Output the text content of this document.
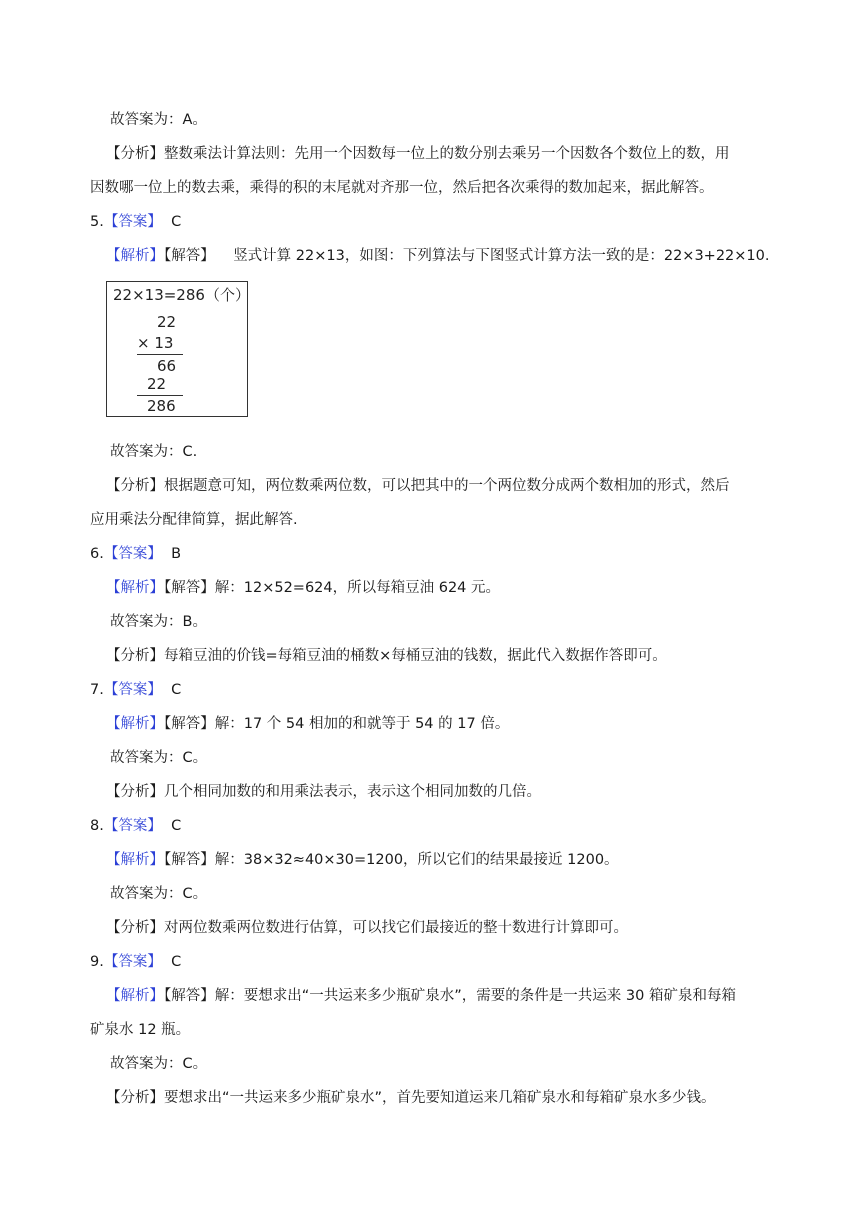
故答案为：A。
【分析】整数乘法计算法则：先用一个因数每一位上的数分别去乘另一个因数各个数位上的数，用
因数哪一位上的数去乘，乘得的积的末尾就对齐那一位，然后把各次乘得的数加起来，据此解答。
5.【答案】 C
【解析】【解答】 竖式计算 22×13，如图：下列算法与下图竖式计算方法一致的是：22×3+22×10.
22×13=286（个）
22
× 13
66
22
286
故答案为：C.
【分析】根据题意可知，两位数乘两位数，可以把其中的一个两位数分成两个数相加的形式，然后
应用乘法分配律简算，据此解答.
6.【答案】 B
【解析】【解答】解：12×52=624，所以每箱豆油 624 元。
故答案为：B。
【分析】每箱豆油的价钱=每箱豆油的桶数×每桶豆油的钱数，据此代入数据作答即可。
7.【答案】 C
【解析】【解答】解：17 个 54 相加的和就等于 54 的 17 倍。
故答案为：C。
【分析】几个相同加数的和用乘法表示，表示这个相同加数的几倍。
8.【答案】 C
【解析】【解答】解：38×32≈40×30=1200，所以它们的结果最接近 1200。
故答案为：C。
【分析】对两位数乘两位数进行估算，可以找它们最接近的整十数进行计算即可。
9.【答案】 C
【解析】【解答】解：要想求出“一共运来多少瓶矿泉水”，需要的条件是一共运来 30 箱矿泉和每箱
矿泉水 12 瓶。
故答案为：C。
【分析】要想求出“一共运来多少瓶矿泉水”，首先要知道运来几箱矿泉水和每箱矿泉水多少钱。
